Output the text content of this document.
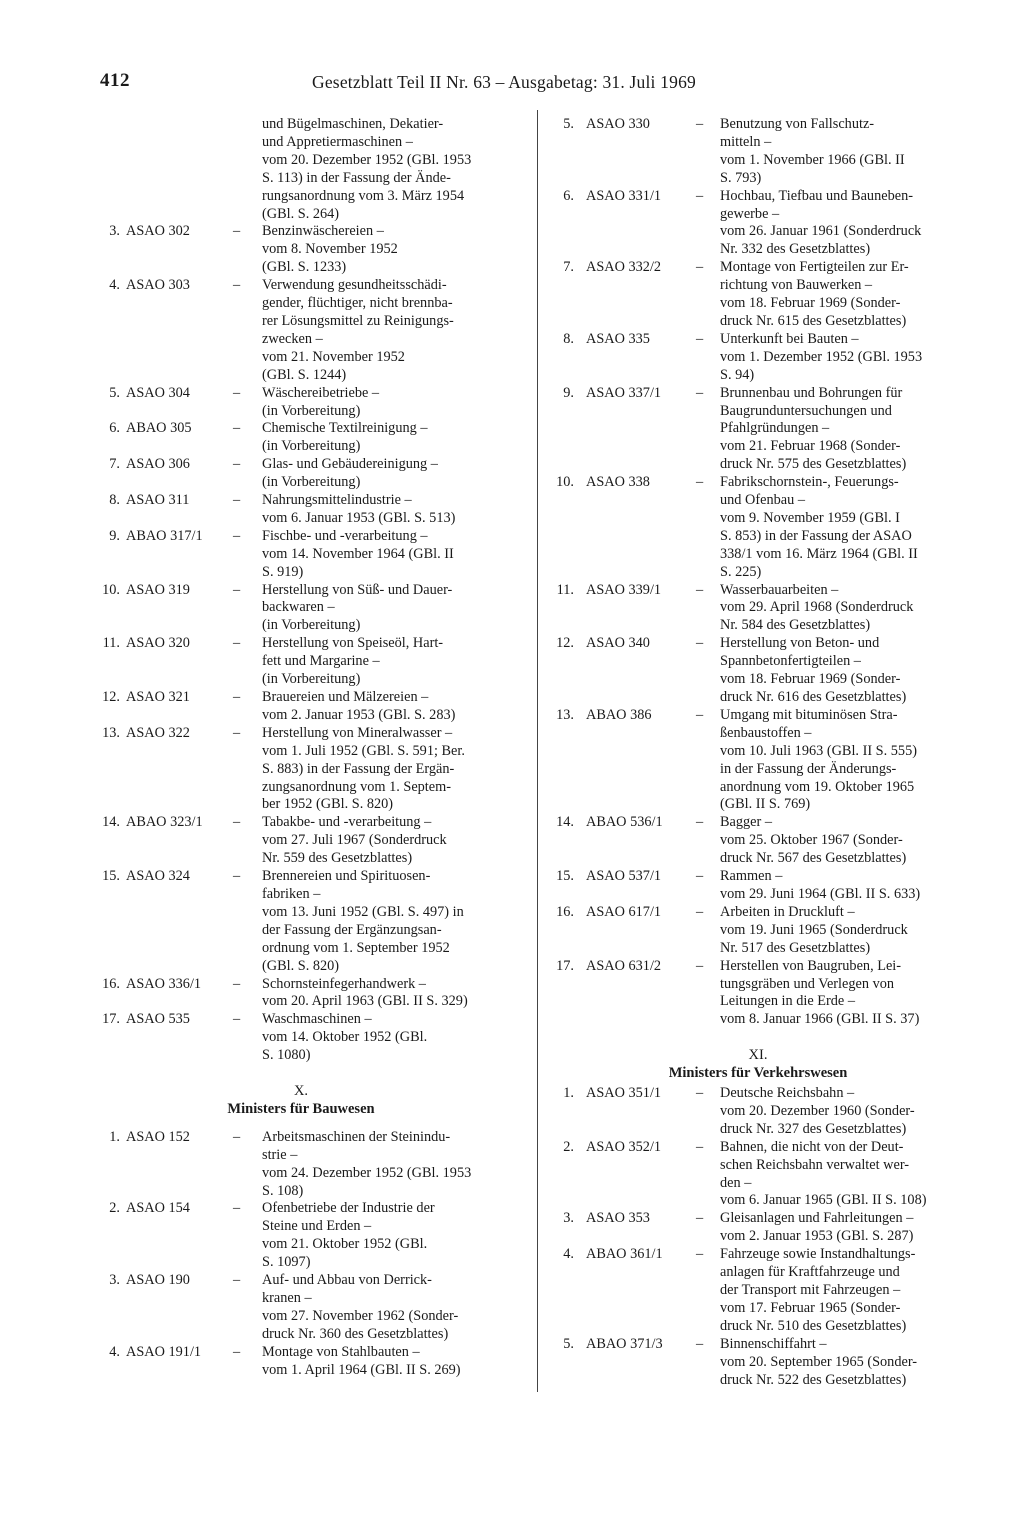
412	Gesetzblatt Teil II Nr. 63 – Ausgabetag: 31. Juli 1969
und Bügelmaschinen, Dekatier-
und Appretiermaschinen –
vom 20. Dezember 1952 (GBl. 1953
S. 113) in der Fassung der Ände-
rungsanordnung vom 3. März 1954
(GBl. S. 264)
3. ASAO 302	– Benzinwäschereien –
vom 8. November 1952
(GBl. S. 1233)
4. ASAO 303	– Verwendung gesundheitsschädi-
gender, flüchtiger, nicht brennba-
rer Lösungsmittel zu Reinigungs-
zwecken –
vom 21. November 1952
(GBl. S. 1244)
5. ASAO 304	– Wäschereibetriebe –
(in Vorbereitung)
6. ABAO 305	– Chemische Textilreinigung –
(in Vorbereitung)
7. ASAO 306	– Glas- und Gebäudereinigung –
(in Vorbereitung)
8. ASAO 311	– Nahrungsmittelindustrie –
vom 6. Januar 1953 (GBl. S. 513)
9. ABAO 317/1 – Fischbe- und -verarbeitung –
vom 14. November 1964 (GBl. II
S. 919)
10. ASAO 319	– Herstellung von Süß- und Dauer-
backwaren –
(in Vorbereitung)
11. ASAO 320	– Herstellung von Speiseöl, Hart-
fett und Margarine –
(in Vorbereitung)
12. ASAO 321	– Brauereien und Mälzereien –
vom 2. Januar 1953 (GBl. S. 283)
13. ASAO 322	– Herstellung von Mineralwasser –
vom 1. Juli 1952 (GBl. S. 591; Ber.
S. 883) in der Fassung der Ergän-
zungsanordnung vom 1. Septem-
ber 1952 (GBl. S. 820)
14. ABAO 323/1 – Tabakbe- und -verarbeitung –
vom 27. Juli 1967 (Sonderdruck
Nr. 559 des Gesetzblattes)
15. ASAO 324	– Brennereien und Spirituosen-
fabriken –
vom 13. Juni 1952 (GBl. S. 497) in
der Fassung der Ergänzungsan-
ordnung vom 1. September 1952
(GBl. S. 820)
16. ASAO 336/1 – Schornsteinfegerhandwerk –
vom 20. April 1963 (GBl. II S. 329)
17. ASAO 535	– Waschmaschinen –
vom 14. Oktober 1952 (GBl.
S. 1080)
X.
Ministers für Bauwesen
1. ASAO 152	– Arbeitsmaschinen der Steinindu-
strie –
vom 24. Dezember 1952 (GBl. 1953
S. 108)
2. ASAO 154	– Ofenbetriebe der Industrie der
Steine und Erden –
vom 21. Oktober 1952 (GBl.
S. 1097)
3. ASAO 190	– Auf- und Abbau von Derrick-
kranen –
vom 27. November 1962 (Sonder-
druck Nr. 360 des Gesetzblattes)
4. ASAO 191/1 – Montage von Stahlbauten –
vom 1. April 1964 (GBl. II S. 269)
5. ASAO 330	– Benutzung von Fallschutz-
mitteln –
vom 1. November 1966 (GBl. II
S. 793)
6. ASAO 331/1 – Hochbau, Tiefbau und Bauneben-
gewerbe –
vom 26. Januar 1961 (Sonderdruck
Nr. 332 des Gesetzblattes)
7. ASAO 332/2 – Montage von Fertigteilen zur Er-
richtung von Bauwerken –
vom 18. Februar 1969 (Sonder-
druck Nr. 615 des Gesetzblattes)
8. ASAO 335	– Unterkunft bei Bauten –
vom 1. Dezember 1952 (GBl. 1953
S. 94)
9. ASAO 337/1 – Brunnenbau und Bohrungen für
Baugrunduntersuchungen und
Pfahlgründungen –
vom 21. Februar 1968 (Sonder-
druck Nr. 575 des Gesetzblattes)
10. ASAO 338	– Fabrikschornstein-, Feuerungs-
und Ofenbau –
vom 9. November 1959 (GBl. I
S. 853) in der Fassung der ASAO
338/1 vom 16. März 1964 (GBl. II
S. 225)
11. ASAO 339/1 – Wasserbauarbeiten –
vom 29. April 1968 (Sonderdruck
Nr. 584 des Gesetzblattes)
12. ASAO 340	– Herstellung von Beton- und
Spannbetonfertigteilen –
vom 18. Februar 1969 (Sonder-
druck Nr. 616 des Gesetzblattes)
13. ABAO 386	– Umgang mit bituminösen Stra-
ßenbaustoffen –
vom 10. Juli 1963 (GBl. II S. 555)
in der Fassung der Änderungs-
anordnung vom 19. Oktober 1965
(GBl. II S. 769)
14. ABAO 536/1 – Bagger –
vom 25. Oktober 1967 (Sonder-
druck Nr. 567 des Gesetzblattes)
15. ASAO 537/1 – Rammen –
vom 29. Juni 1964 (GBl. II S. 633)
16. ASAO 617/1 – Arbeiten in Druckluft –
vom 19. Juni 1965 (Sonderdruck
Nr. 517 des Gesetzblattes)
17. ASAO 631/2 – Herstellen von Baugruben, Lei-
tungsgräben und Verlegen von
Leitungen in die Erde –
vom 8. Januar 1966 (GBl. II S. 37)
XI.
Ministers für Verkehrswesen
1. ASAO 351/1 – Deutsche Reichsbahn –
vom 20. Dezember 1960 (Sonder-
druck Nr. 327 des Gesetzblattes)
2. ASAO 352/1 – Bahnen, die nicht von der Deut-
schen Reichsbahn verwaltet wer-
den –
vom 6. Januar 1965 (GBl. II S. 108)
3. ASAO 353	– Gleisanlagen und Fahrleitungen –
vom 2. Januar 1953 (GBl. S. 287)
4. ABAO 361/1 – Fahrzeuge sowie Instandhaltungs-
anlagen für Kraftfahrzeuge und
der Transport mit Fahrzeugen –
vom 17. Februar 1965 (Sonder-
druck Nr. 510 des Gesetzblattes)
5. ABAO 371/3 – Binnenschiffahrt –
vom 20. September 1965 (Sonder-
druck Nr. 522 des Gesetzblattes)
